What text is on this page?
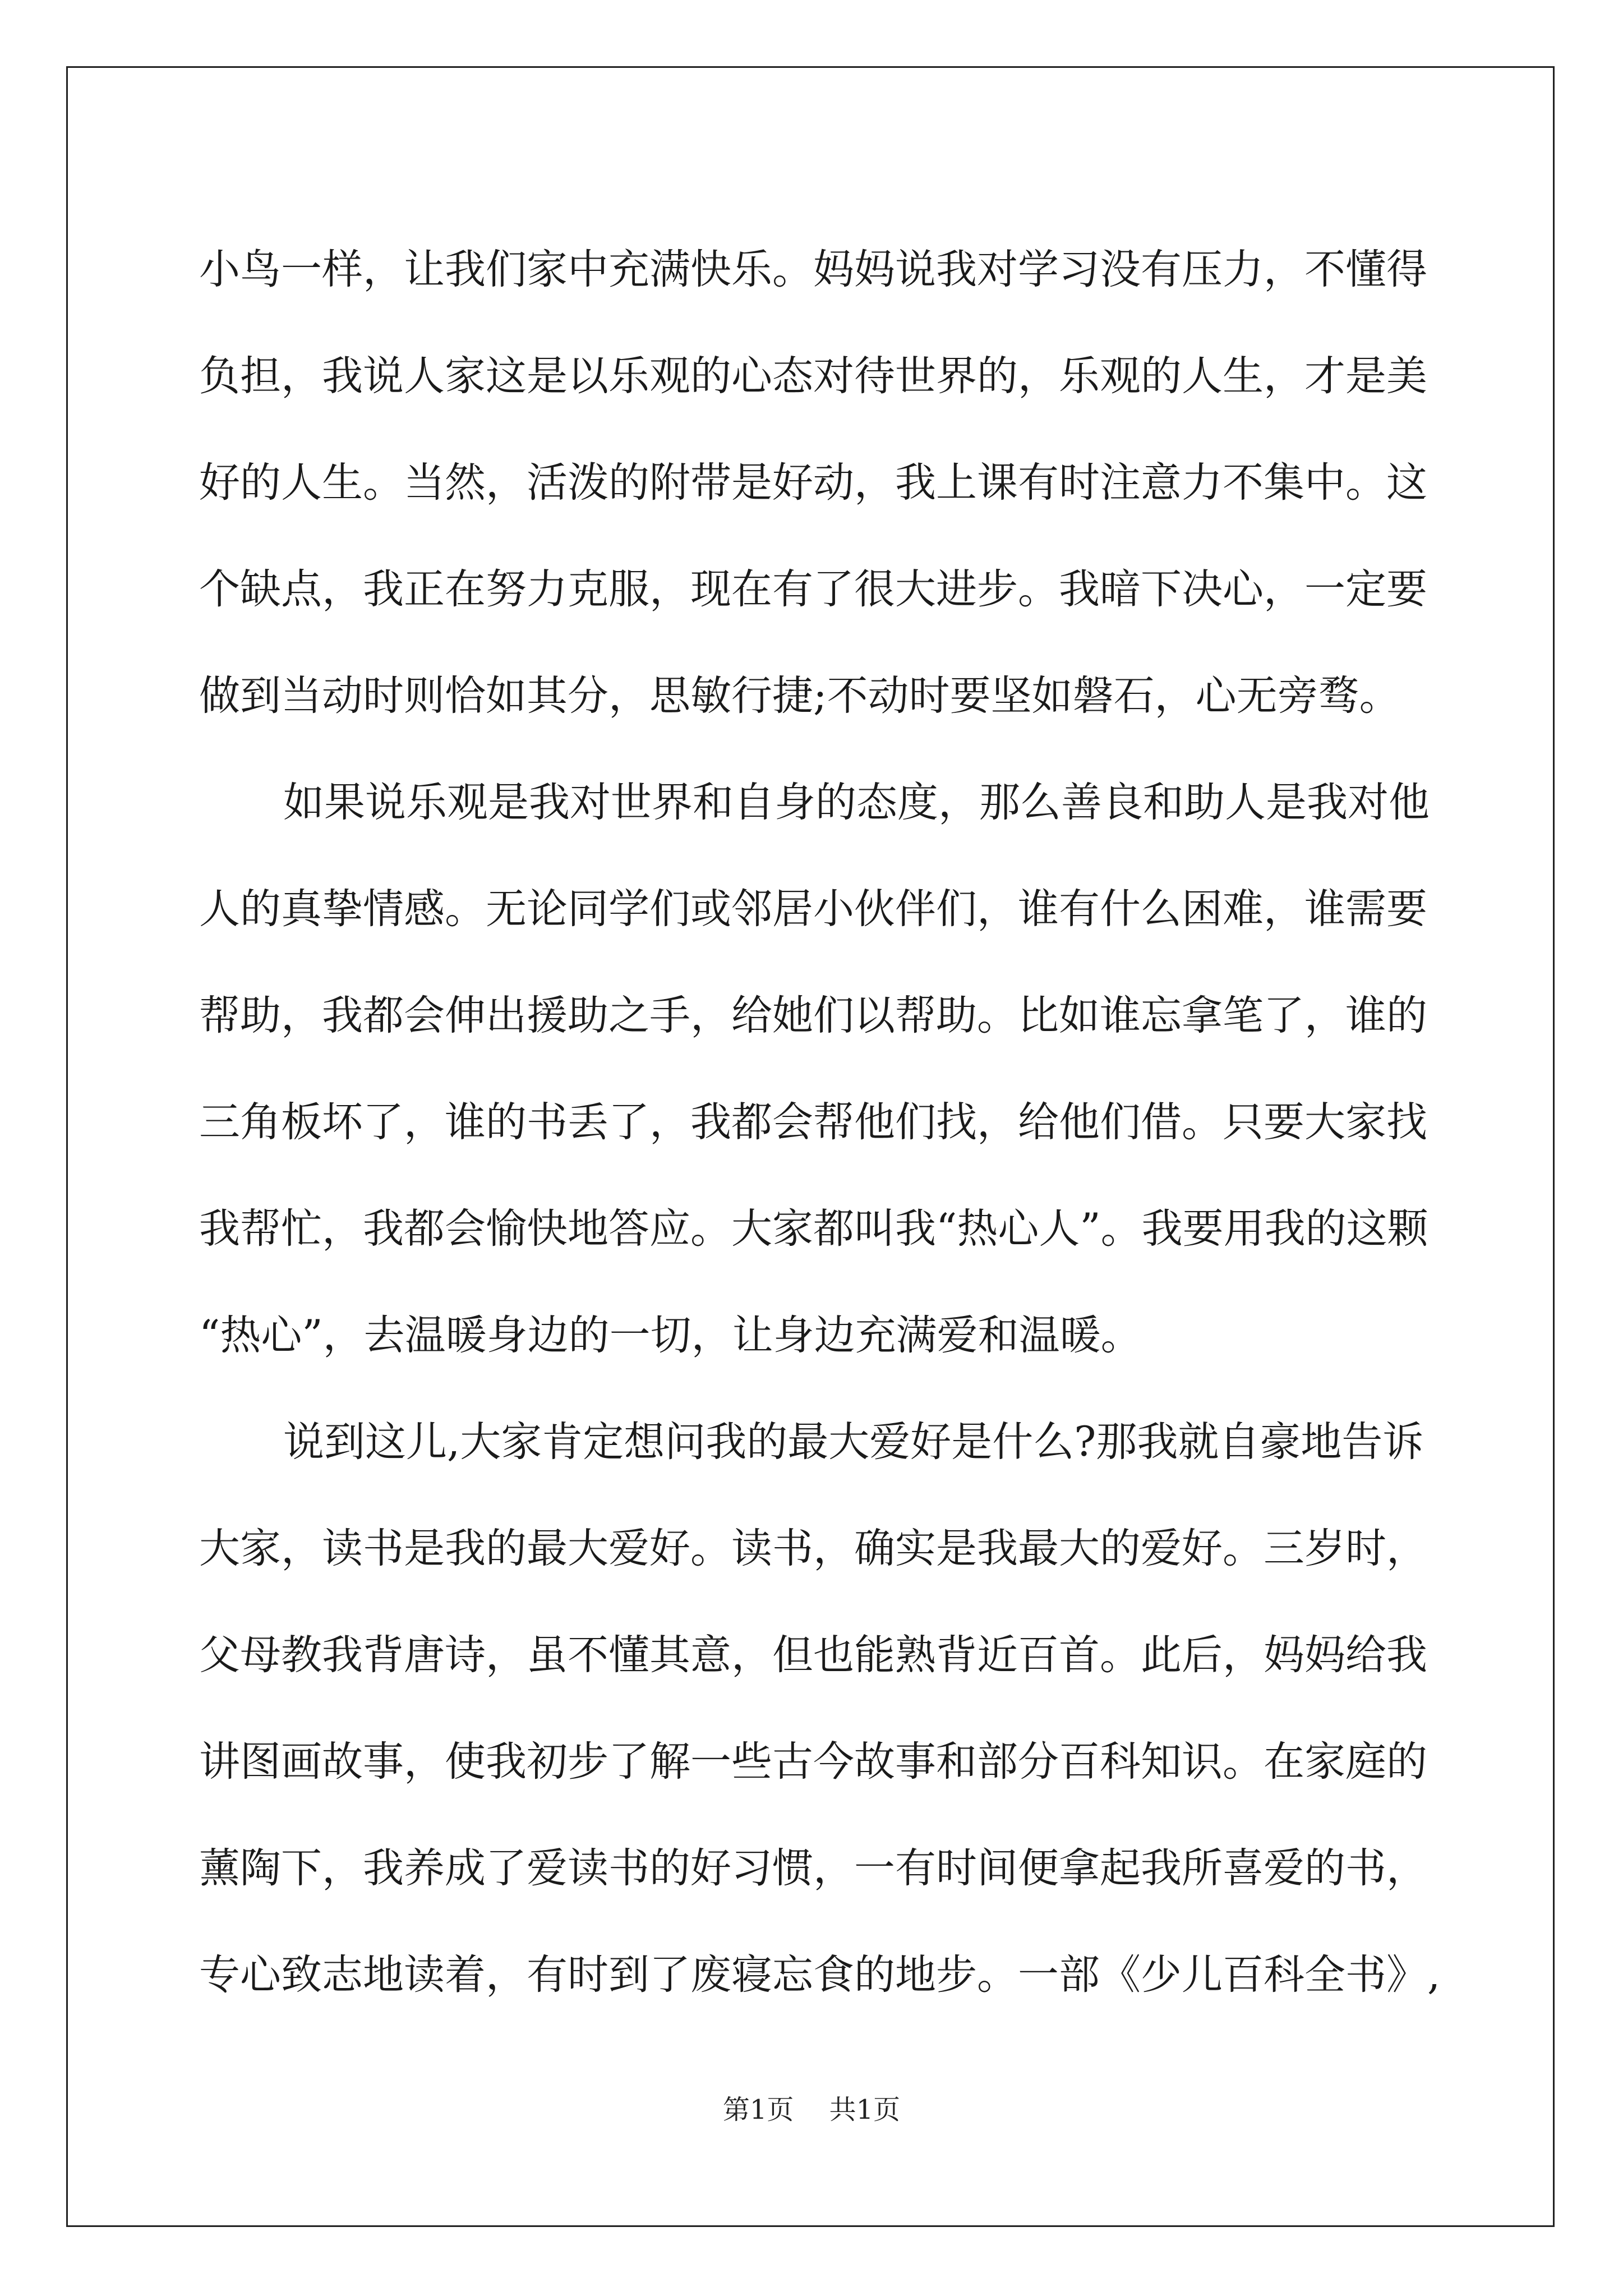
小鸟一样，让我们家中充满快乐。妈妈说我对学习没有压力，不懂得
负担，我说人家这是以乐观的心态对待世界的，乐观的人生，才是美
好的人生。当然，活泼的附带是好动，我上课有时注意力不集中。这
个缺点，我正在努力克服，现在有了很大进步。我暗下决心，一定要
做到当动时则恰如其分，思敏行捷;不动时要坚如磐石，心无旁骛。
如果说乐观是我对世界和自身的态度，那么善良和助人是我对他
人的真挚情感。无论同学们或邻居小伙伴们，谁有什么困难，谁需要
帮助，我都会伸出援助之手，给她们以帮助。比如谁忘拿笔了，谁的
三角板坏了，谁的书丢了，我都会帮他们找，给他们借。只要大家找
我帮忙，我都会愉快地答应。大家都叫我“热心人”。我要用我的这颗
“热心”，去温暖身边的一切，让身边充满爱和温暖。
说到这儿,大家肯定想问我的最大爱好是什么?那我就自豪地告诉
大家，读书是我的最大爱好。读书，确实是我最大的爱好。三岁时，
父母教我背唐诗，虽不懂其意，但也能熟背近百首。此后，妈妈给我
讲图画故事，使我初步了解一些古今故事和部分百科知识。在家庭的
薰陶下，我养成了爱读书的好习惯，一有时间便拿起我所喜爱的书，
专心致志地读着，有时到了废寝忘食的地步。一部《少儿百科全书》,
第1页 共1页
